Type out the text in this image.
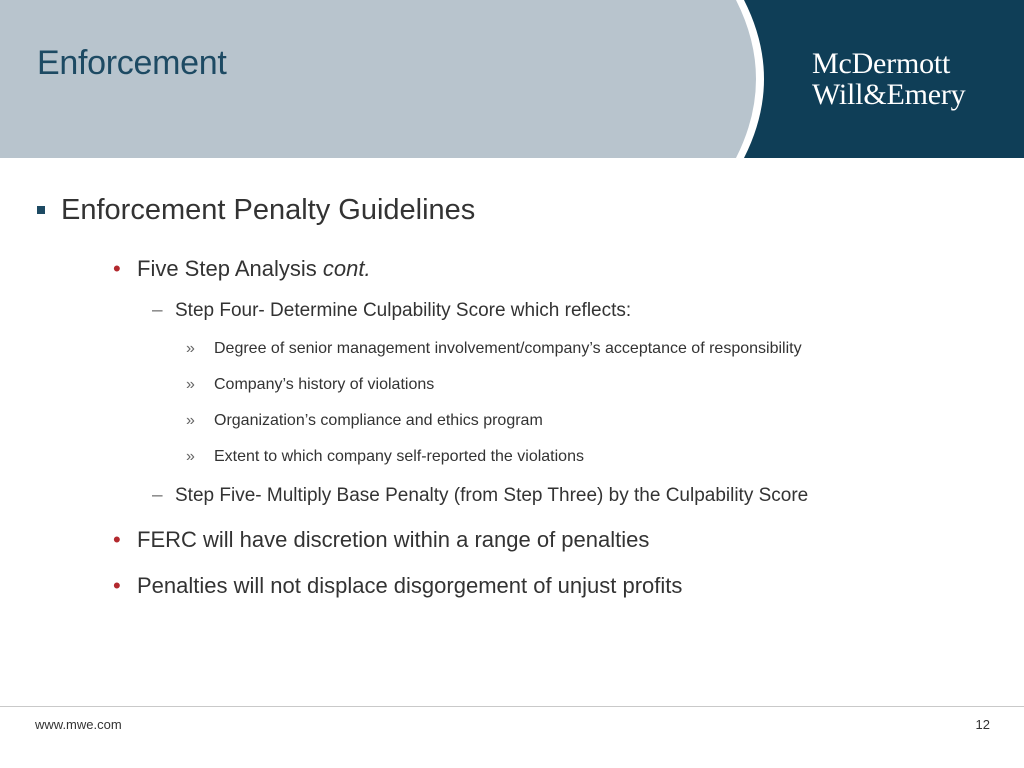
Enforcement	McDermott
Will&Emery
Enforcement Penalty Guidelines
• Five Step Analysis cont.
– Step Four- Determine Culpability Score which reflects:
» Degree of senior management involvement/company’s acceptance of responsibility
» Company’s history of violations
» Organization’s compliance and ethics program
» Extent to which company self-reported the violations
– Step Five- Multiply Base Penalty (from Step Three) by the Culpability Score
• FERC will have discretion within a range of penalties
• Penalties will not displace disgorgement of unjust profits
www.mwe.com	12
